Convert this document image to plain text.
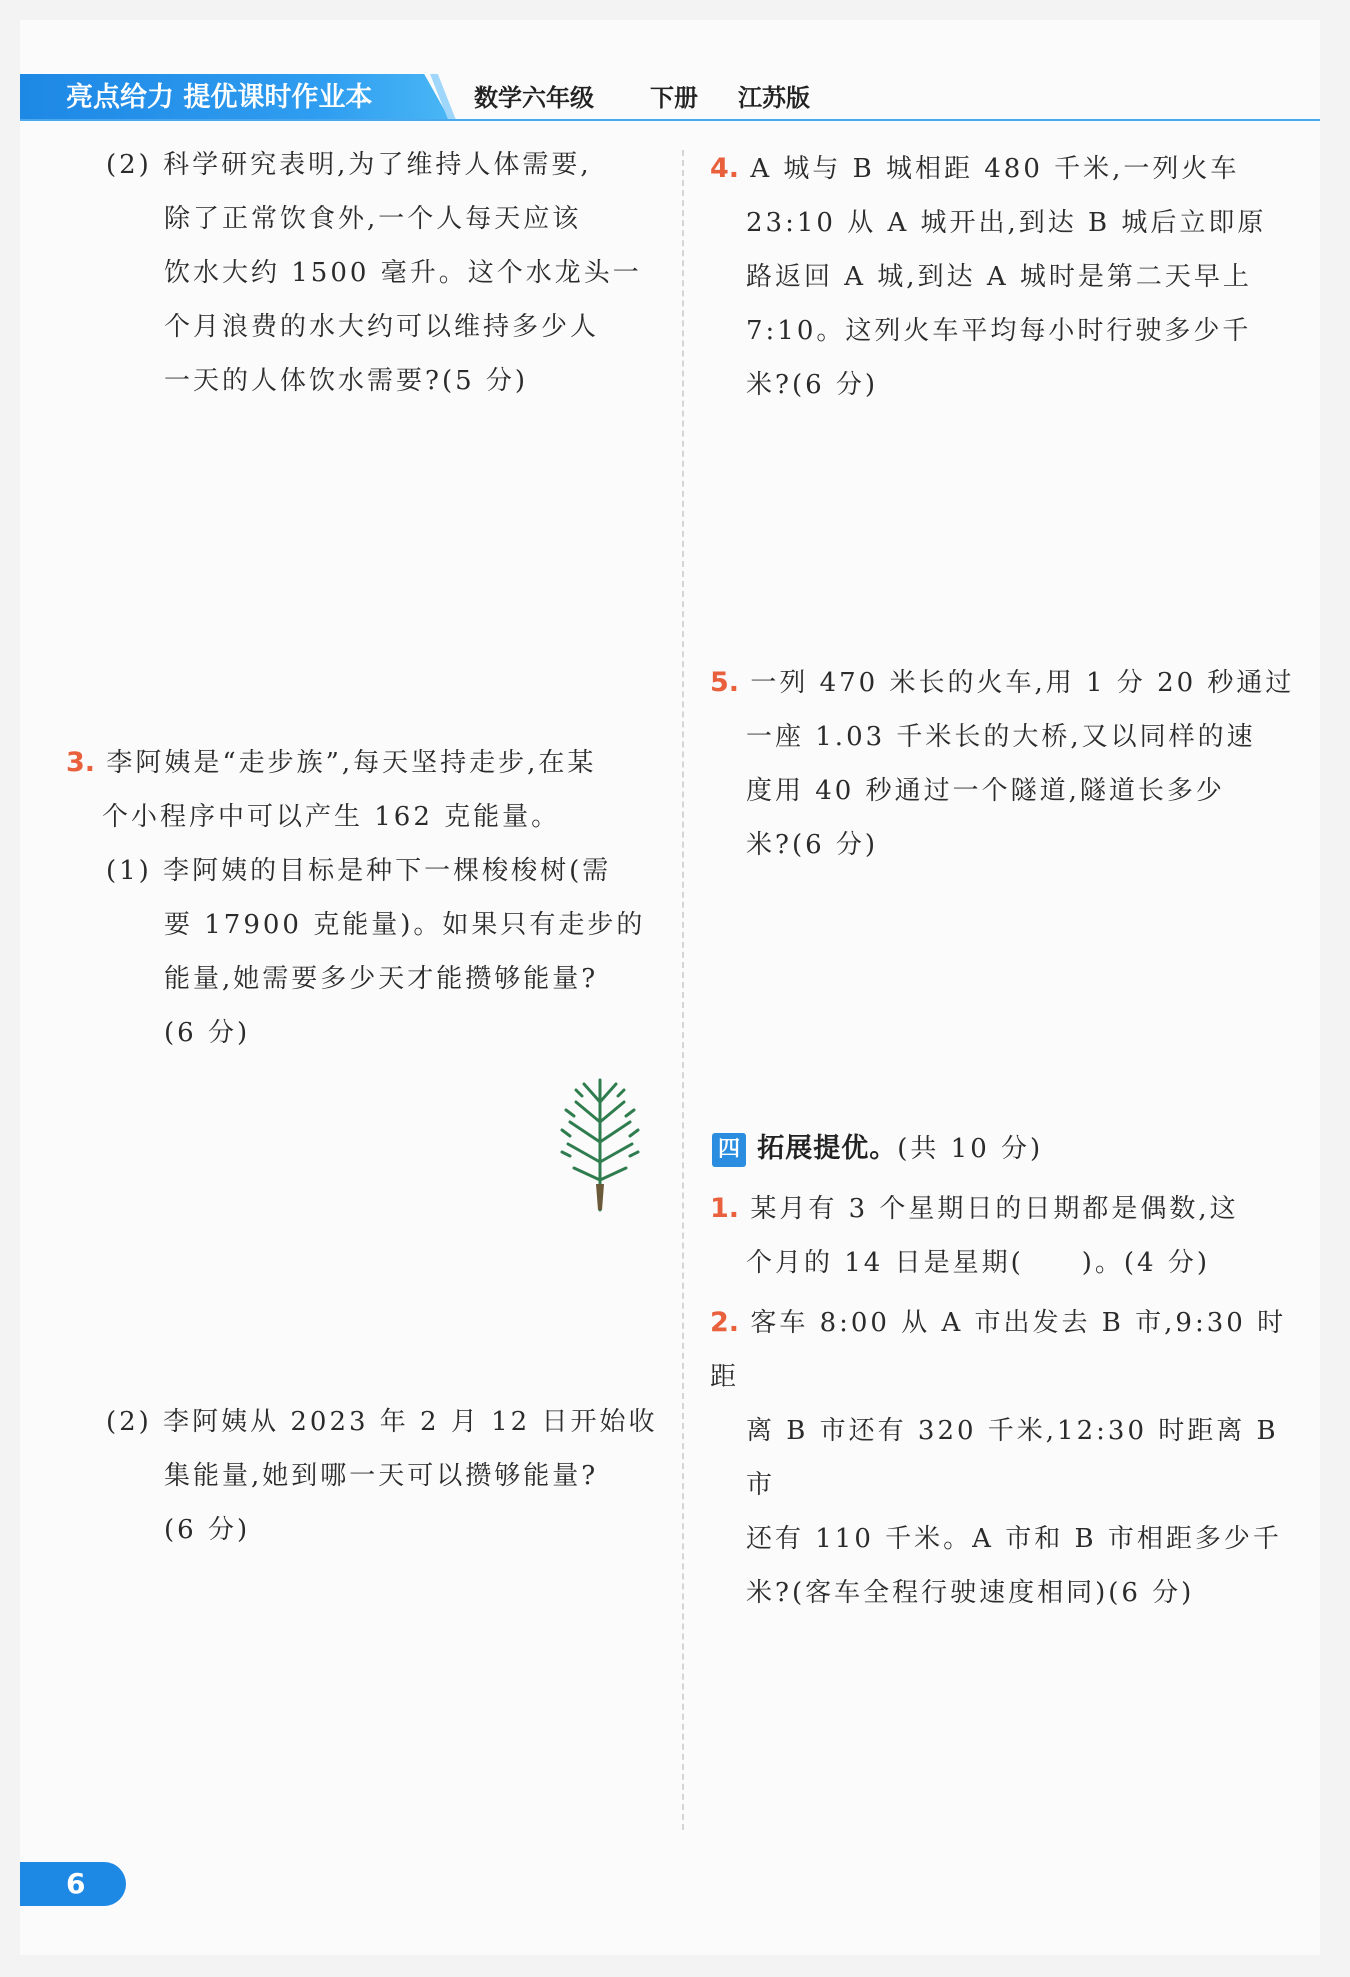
亮点给力 提优课时作业本	数学六年级 下册 江苏版

(2) 科学研究表明,为了维持人体需要,

除了正常饮食外,一个人每天应该

饮水大约 1500 毫升。这个水龙头一

个月浪费的水大约可以维持多少人

一天的人体饮水需要?(5 分)

3. 李阿姨是“走步族”,每天坚持走步,在某

个小程序中可以产生 162 克能量。

(1) 李阿姨的目标是种下一棵梭梭树(需

要 17900 克能量)。如果只有走步的

能量,她需要多少天才能攒够能量?

(6 分)

(2) 李阿姨从 2023 年 2 月 12 日开始收

集能量,她到哪一天可以攒够能量?

(6 分)

4. A 城与 B 城相距 480 千米,一列火车

23:10 从 A 城开出,到达 B 城后立即原

路返回 A 城,到达 A 城时是第二天早上

7:10。这列火车平均每小时行驶多少千

米?(6 分)

5. 一列 470 米长的火车,用 1 分 20 秒通过

一座 1.03 千米长的大桥,又以同样的速

度用 40 秒通过一个隧道,隧道长多少

米?(6 分)

四 拓展提优。(共 10 分)

1. 某月有 3 个星期日的日期都是偶数,这

个月的 14 日是星期(　　)。(4 分)

2. 客车 8:00 从 A 市出发去 B 市,9:30 时距

离 B 市还有 320 千米,12:30 时距离 B 市

还有 110 千米。A 市和 B 市相距多少千

米?(客车全程行驶速度相同)(6 分)

6
